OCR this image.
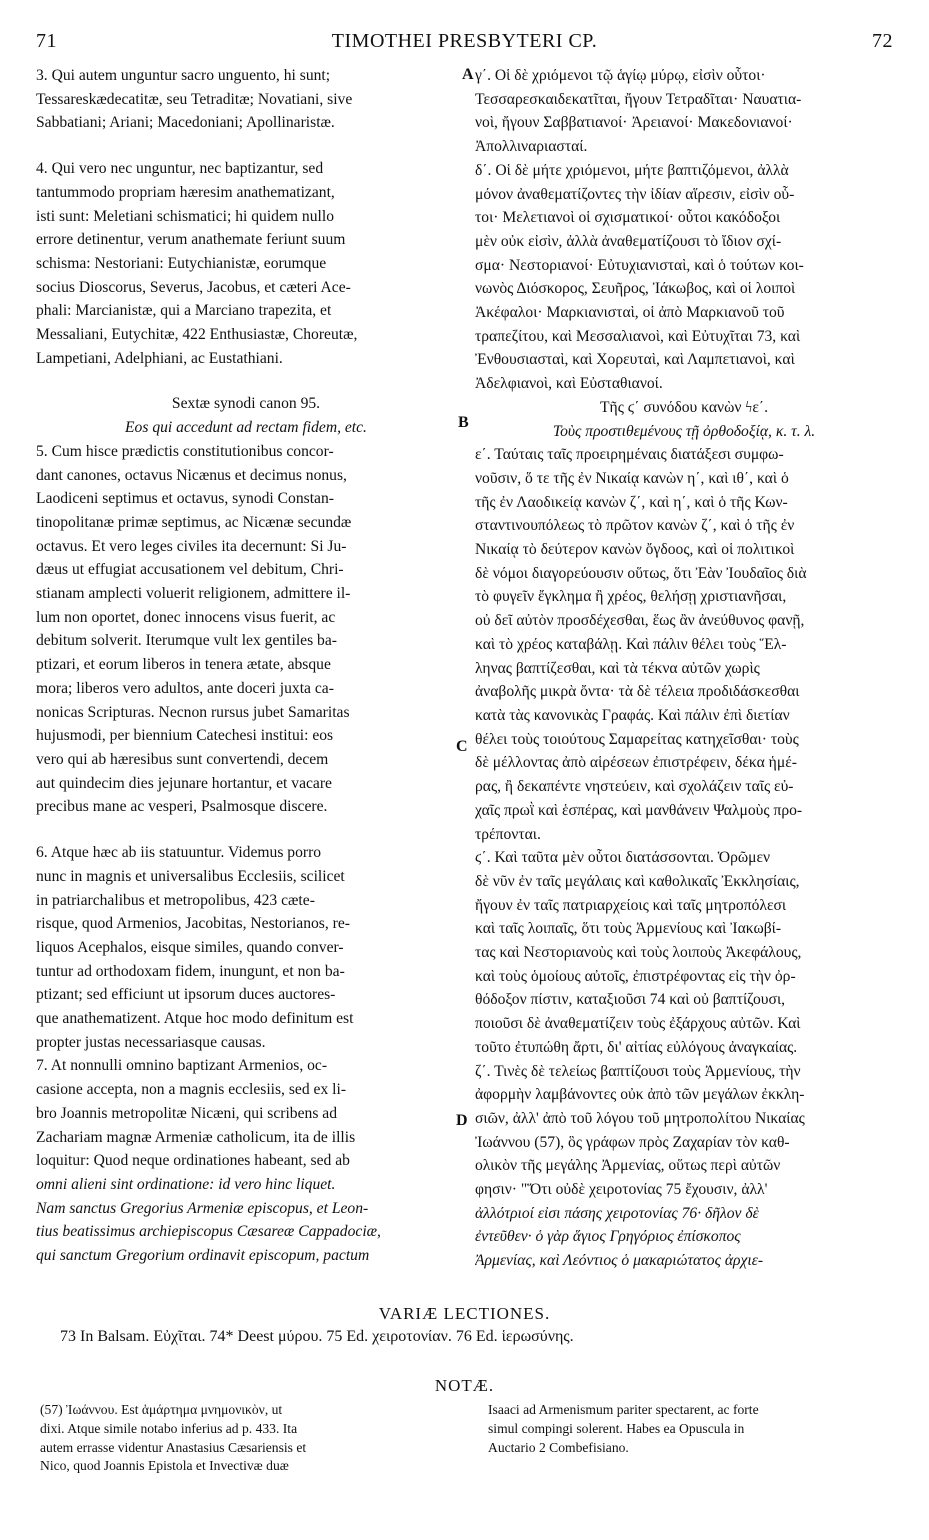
71	TIMOTHEI PRESBYTERI CP.	72
3. Qui autem unguntur sacro unguento, hi sunt;
Tessareskædecatitæ, seu Tetraditæ; Novatiani, sive
Sabbatiani; Ariani; Macedoniani; Apollinaristæ.
4. Qui vero nec unguntur, nec baptizantur, sed
tantummodo propriam hæresim anathematizant,
isti sunt: Meletiani schismatici; hi quidem nullo
errore detinentur, verum anathemate feriunt suum
schisma: Nestoriani: Eutychianistæ, eorumque
socius Dioscorus, Severus, Jacobus, et cæteri Ace-
phali: Marcianistæ, qui a Marciano trapezita, et
Messaliani, Eutychitæ, 422 Enthusiastæ, Choreutæ,
Lampetiani, Adelphiani, ac Eustathiani.
Sextæ synodi canon 95.
Eos qui accedunt ad rectam fidem, etc.
5. Cum hisce prædictis constitutionibus concor-
dant canones, octavus Nicænus et decimus nonus,
Laodiceni septimus et octavus, synodi Constan-
tinopolitanæ primæ septimus, ac Nicænæ secundæ
octavus. Et vero leges civiles ita decernunt: Si Ju-
dæus ut effugiat accusationem vel debitum, Chri-
stianam amplecti voluerit religionem, admittere il-
lum non oportet, donec innocens visus fuerit, ac
debitum solverit. Iterumque vult lex gentiles ba-
ptizari, et eorum liberos in tenera ætate, absque
mora; liberos vero adultos, ante doceri juxta ca-
nonicas Scripturas. Necnon rursus jubet Samaritas
hujusmodi, per biennium Catechesi institui: eos
vero qui ab hæresibus sunt convertendi, decem
aut quindecim dies jejunare hortantur, et vacare
precibus mane ac vesperi, Psalmosque discere.
6. Atque hæc ab iis statuuntur. Videmus porro
nunc in magnis et universalibus Ecclesiis, scilicet
in patriarchalibus et metropolibus, 423 cæte-
risque, quod Armenios, Jacobitas, Nestorianos, re-
liquos Acephalos, eisque similes, quando conver-
tuntur ad orthodoxam fidem, inungunt, et non ba-
ptizant; sed efficiunt ut ipsorum duces auctores-
que anathematizent. Atque hoc modo definitum est
propter justas necessariasque causas.
7. At nonnulli omnino baptizant Armenios, oc-
casione accepta, non a magnis ecclesiis, sed ex li-
bro Joannis metropolitæ Nicæni, qui scribens ad
Zachariam magnæ Armeniæ catholicum, ita de illis
loquitur: Quod neque ordinationes habeant, sed ab
omni alieni sint ordinatione: id vero hinc liquet.
Nam sanctus Gregorius Armeniæ episcopus, et Leon-
tius beatissimus archiepiscopus Cæsareæ Cappadociæ,
qui sanctum Gregorium ordinavit episcopum, pactum
γ΄. Οἱ δὲ χριόμενοι τῷ ἁγίῳ μύρῳ, εἰσὶν οὗτοι·
Τεσσαρεσκαιδεκατῖται, ἤγουν Τετραδῖται· Ναυατια-
νοὶ, ἤγουν Σαββατιανοί· Ἀρειανοί· Μακεδονιανοί·
Ἀπολλιναριασταί.
δ΄. Οἱ δὲ μήτε χριόμενοι, μήτε βαπτιζόμενοι, ἀλλὰ
μόνον ἀναθεματίζοντες τὴν ἰδίαν αἵρεσιν, εἰσὶν οὗ-
τοι· Μελετιανοὶ οἱ σχισματικοί· οὗτοι κακόδοξοι
μὲν οὐκ εἰσὶν, ἀλλὰ ἀναθεματίζουσι τὸ ἴδιον σχί-
σμα· Νεστοριανοί· Εὐτυχιανισταὶ, καὶ ὁ τούτων κοι-
νωνὸς Διόσκορος, Σευῆρος, Ἰάκωβος, καὶ οἱ λοιποὶ
Ἀκέφαλοι· Μαρκιανισταὶ, οἱ ἀπὸ Μαρκιανοῦ τοῦ
τραπεζίτου, καὶ Μεσσαλιανοὶ, καὶ Εὐτυχῖται 73, καὶ
Ἐνθουσιασταὶ, καὶ Χορευταὶ, καὶ Λαμπετιανοὶ, καὶ
Ἀδελφιανοὶ, καὶ Εὐσταθιανοί.
Τῆς ϛ΄ συνόδου κανὼν ϟε΄.
Τοὺς προστιθεμένους τῇ ὀρθοδοξίᾳ, κ. τ. λ.
ε΄. Ταύταις ταῖς προειρημέναις διατάξεσι συμφω-
νοῦσιν, ὅ τε τῆς ἐν Νικαίᾳ κανὼν η΄, καὶ ιθ΄, καὶ ὁ
τῆς ἐν Λαοδικείᾳ κανὼν ζ΄, καὶ η΄, καὶ ὁ τῆς Κων-
σταντινουπόλεως τὸ πρῶτον κανὼν ζ΄, καὶ ὁ τῆς ἐν
Νικαίᾳ τὸ δεύτερον κανὼν ὄγδοος, καὶ οἱ πολιτικοὶ
δὲ νόμοι διαγορεύουσιν οὕτως, ὅτι Ἐὰν Ἰουδαῖος διὰ
τὸ φυγεῖν ἔγκλημα ἢ χρέος, θελήσῃ χριστιανῆσαι,
οὐ δεῖ αὐτὸν προσδέχεσθαι, ἕως ἂν ἀνεύθυνος φανῇ,
καὶ τὸ χρέος καταβάλῃ. Καὶ πάλιν θέλει τοὺς Ἕλ-
ληνας βαπτίζεσθαι, καὶ τὰ τέκνα αὐτῶν χωρὶς
ἀναβολῆς μικρὰ ὄντα· τὰ δὲ τέλεια προδιδάσκεσθαι
κατὰ τὰς κανονικὰς Γραφάς. Καὶ πάλιν ἐπὶ διετίαν
θέλει τοὺς τοιούτους Σαμαρείτας κατηχεῖσθαι· τοὺς
δὲ μέλλοντας ἀπὸ αἱρέσεων ἐπιστρέφειν, δέκα ἡμέ-
ρας, ἢ δεκαπέντε νηστεύειν, καὶ σχολάζειν ταῖς εὐ-
χαῖς πρωῒ καὶ ἑσπέρας, καὶ μανθάνειν Ψαλμοὺς προ-
τρέπονται.
ϛ΄. Καὶ ταῦτα μὲν οὗτοι διατάσσονται. Ὁρῶμεν
δὲ νῦν ἐν ταῖς μεγάλαις καὶ καθολικαῖς Ἐκκλησίαις,
ἤγουν ἐν ταῖς πατριαρχείοις καὶ ταῖς μητροπόλεσι
καὶ ταῖς λοιπαῖς, ὅτι τοὺς Ἀρμενίους καὶ Ἰακωβί-
τας καὶ Νεστοριανοὺς καὶ τοὺς λοιποὺς Ἀκεφάλους,
καὶ τοὺς ὁμοίους αὐτοῖς, ἐπιστρέφοντας εἰς τὴν ὀρ-
θόδοξον πίστιν, καταξιοῦσι 74 καὶ οὐ βαπτίζουσι,
ποιοῦσι δὲ ἀναθεματίζειν τοὺς ἐξάρχους αὐτῶν. Καὶ
τοῦτο ἐτυπώθη ἄρτι, δι' αἰτίας εὐλόγους ἀναγκαίας.
ζ΄. Τινὲς δὲ τελείως βαπτίζουσι τοὺς Ἀρμενίους, τὴν
ἀφορμὴν λαμβάνοντες οὐκ ἀπὸ τῶν μεγάλων ἐκκλη-
σιῶν, ἀλλ' ἀπὸ τοῦ λόγου τοῦ μητροπολίτου Νικαίας
Ἰωάννου (57), ὃς γράφων πρὸς Ζαχαρίαν τὸν καθ-
ολικὸν τῆς μεγάλης Ἀρμενίας, οὕτως περὶ αὐτῶν
φησιν· "Ὅτι οὐδὲ χειροτονίας 75 ἔχουσιν, ἀλλ'
ἀλλότριοί εἰσι πάσης χειροτονίας 76· δῆλον δὲ
ἐντεῦθεν· ὁ γὰρ ἅγιος Γρηγόριος ἐπίσκοπος
Ἀρμενίας, καὶ Λεόντιος ὁ μακαριώτατος ἀρχιε-
A
B
C
D
VARIÆ LECTIONES.
73 In Balsam. Εὐχῖται. 74* Deest μύρου. 75 Ed. χειροτονίαν. 76 Ed. ἱερωσύνης.
NOTÆ.
(57) Ἰωάννου. Est ἁμάρτημα μνημονικὸν, ut
dixi. Atque simile notabo inferius ad p. 433. Ita
autem errasse videntur Anastasius Cæsariensis et
Nico, quod Joannis Epistola et Invectivæ duæ
Isaaci ad Armenismum pariter spectarent, ac forte
simul compingi solerent. Habes ea Opuscula in
Auctario 2 Combefisiano.
